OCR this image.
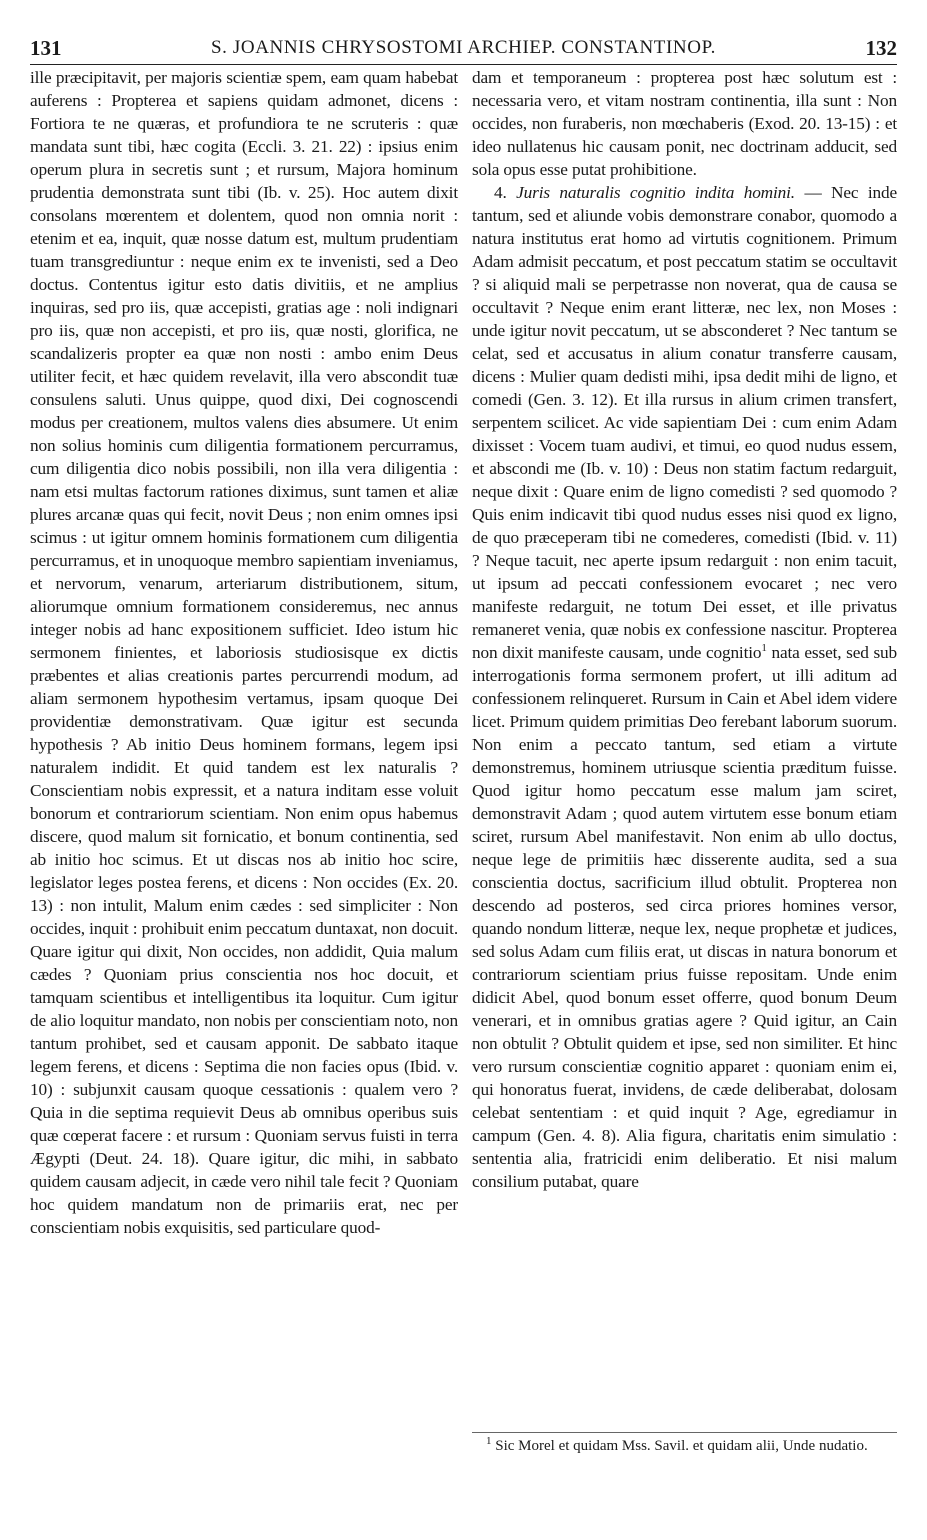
131	S. JOANNIS CHRYSOSTOMI ARCHIEP. CONSTANTINOP.	132

ille præcipitavit, per majoris scientiæ spem, eam quam habebat auferens : Propterea et sapiens quidam admonet, dicens : Fortiora te ne quæras, et profundiora te ne scruteris : quæ mandata sunt tibi, hæc cogita (Eccli. 3. 21. 22) : ipsius enim operum plura in secretis sunt ; et rursum, Majora hominum prudentia demonstrata sunt tibi (Ib. v. 25). Hoc autem dixit consolans mœrentem et dolentem, quod non omnia norit : etenim et ea, inquit, quæ nosse datum est, multum prudentiam tuam transgrediuntur : neque enim ex te invenisti, sed a Deo doctus. Contentus igitur esto datis divitiis, et ne amplius inquiras, sed pro iis, quæ accepisti, gratias age : noli indignari pro iis, quæ non accepisti, et pro iis, quæ nosti, glorifica, ne scandalizeris propter ea quæ non nosti : ambo enim Deus utiliter fecit, et hæc quidem revelavit, illa vero abscondit tuæ consulens saluti. Unus quippe, quod dixi, Dei cognoscendi modus per creationem, multos valens dies absumere. Ut enim non solius hominis cum diligentia formationem percurramus, cum diligentia dico nobis possibili, non illa vera diligentia : nam etsi multas factorum rationes diximus, sunt tamen et aliæ plures arcanæ quas qui fecit, novit Deus ; non enim omnes ipsi scimus : ut igitur omnem hominis formationem cum diligentia percurramus, et in unoquoque membro sapientiam inveniamus, et nervorum, venarum, arteriarum distributionem, situm, aliorumque omnium formationem consideremus, nec annus integer nobis ad hanc expositionem sufficiet. Ideo istum hic sermonem finientes, et laboriosis studiosisque ex dictis præbentes et alias creationis partes percurrendi modum, ad aliam sermonem hypothesim vertamus, ipsam quoque Dei providentiæ demonstrativam. Quæ igitur est secunda hypothesis ? Ab initio Deus hominem formans, legem ipsi naturalem indidit. Et quid tandem est lex naturalis ? Conscientiam nobis expressit, et a natura inditam esse voluit bonorum et contrariorum scientiam. Non enim opus habemus discere, quod malum sit fornicatio, et bonum continentia, sed ab initio hoc scimus. Et ut discas nos ab initio hoc scire, legislator leges postea ferens, et dicens : Non occides (Ex. 20. 13) : non intulit, Malum enim cædes : sed simpliciter : Non occides, inquit : prohibuit enim peccatum duntaxat, non docuit. Quare igitur qui dixit, Non occides, non addidit, Quia malum cædes ? Quoniam prius conscientia nos hoc docuit, et tamquam scientibus et intelligentibus ita loquitur. Cum igitur de alio loquitur mandato, non nobis per conscientiam noto, non tantum prohibet, sed et causam apponit. De sabbato itaque legem ferens, et dicens : Septima die non facies opus (Ibid. v. 10) : subjunxit causam quoque cessationis : qualem vero ? Quia in die septima requievit Deus ab omnibus operibus suis quæ cœperat facere : et rursum : Quoniam servus fuisti in terra Ægypti (Deut. 24. 18). Quare igitur, dic mihi, in sabbato quidem causam adjecit, in cæde vero nihil tale fecit ? Quoniam hoc quidem mandatum non de primariis erat, nec per conscientiam nobis exquisitis, sed particulare quod-

dam et temporaneum : propterea post hæc solutum est : necessaria vero, et vitam nostram continentia, illa sunt : Non occides, non furaberis, non mœchaberis (Exod. 20. 13-15) : et ideo nullatenus hic causam ponit, nec doctrinam adducit, sed sola opus esse putat prohibitione.

4. Juris naturalis cognitio indita homini. — Nec inde tantum, sed et aliunde vobis demonstrare conabor, quomodo a natura institutus erat homo ad virtutis cognitionem. Primum Adam admisit peccatum, et post peccatum statim se occultavit ? si aliquid mali se perpetrasse non noverat, qua de causa se occultavit ? Neque enim erant litteræ, nec lex, non Moses : unde igitur novit peccatum, ut se absconderet ? Nec tantum se celat, sed et accusatus in alium conatur transferre causam, dicens : Mulier quam dedisti mihi, ipsa dedit mihi de ligno, et comedi (Gen. 3. 12). Et illa rursus in alium crimen transfert, serpentem scilicet. Ac vide sapientiam Dei : cum enim Adam dixisset : Vocem tuam audivi, et timui, eo quod nudus essem, et abscondi me (Ib. v. 10) : Deus non statim factum redarguit, neque dixit : Quare enim de ligno comedisti ? sed quomodo ? Quis enim indicavit tibi quod nudus esses nisi quod ex ligno, de quo præceperam tibi ne comederes, comedisti (Ibid. v. 11) ? Neque tacuit, nec aperte ipsum redarguit : non enim tacuit, ut ipsum ad peccati confessionem evocaret ; nec vero manifeste redarguit, ne totum Dei esset, et ille privatus remaneret venia, quæ nobis ex confessione nascitur. Propterea non dixit manifeste causam, unde cognitio$^1$ nata esset, sed sub interrogationis forma sermonem profert, ut illi aditum ad confessionem relinqueret. Rursum in Cain et Abel idem videre licet. Primum quidem primitias Deo ferebant laborum suorum. Non enim a peccato tantum, sed etiam a virtute demonstremus, hominem utriusque scientia præditum fuisse. Quod igitur homo peccatum esse malum jam sciret, demonstravit Adam ; quod autem virtutem esse bonum etiam sciret, rursum Abel manifestavit. Non enim ab ullo doctus, neque lege de primitiis hæc disserente audita, sed a sua conscientia doctus, sacrificium illud obtulit. Propterea non descendo ad posteros, sed circa priores homines versor, quando nondum litteræ, neque lex, neque prophetæ et judices, sed solus Adam cum filiis erat, ut discas in natura bonorum et contrariorum scientiam prius fuisse repositam. Unde enim didicit Abel, quod bonum esset offerre, quod bonum Deum venerari, et in omnibus gratias agere ? Quid igitur, an Cain non obtulit ? Obtulit quidem et ipse, sed non similiter. Et hinc vero rursum conscientiæ cognitio apparet : quoniam enim ei, qui honoratus fuerat, invidens, de cæde deliberabat, dolosam celebat sententiam : et quid inquit ? Age, egrediamur in campum (Gen. 4. 8). Alia figura, charitatis enim simulatio : sententia alia, fratricidi enim deliberatio. Et nisi malum consilium putabat, quare

$^1$ Sic Morel et quidam Mss. Savil. et quidam alii, Unde nudatio.
